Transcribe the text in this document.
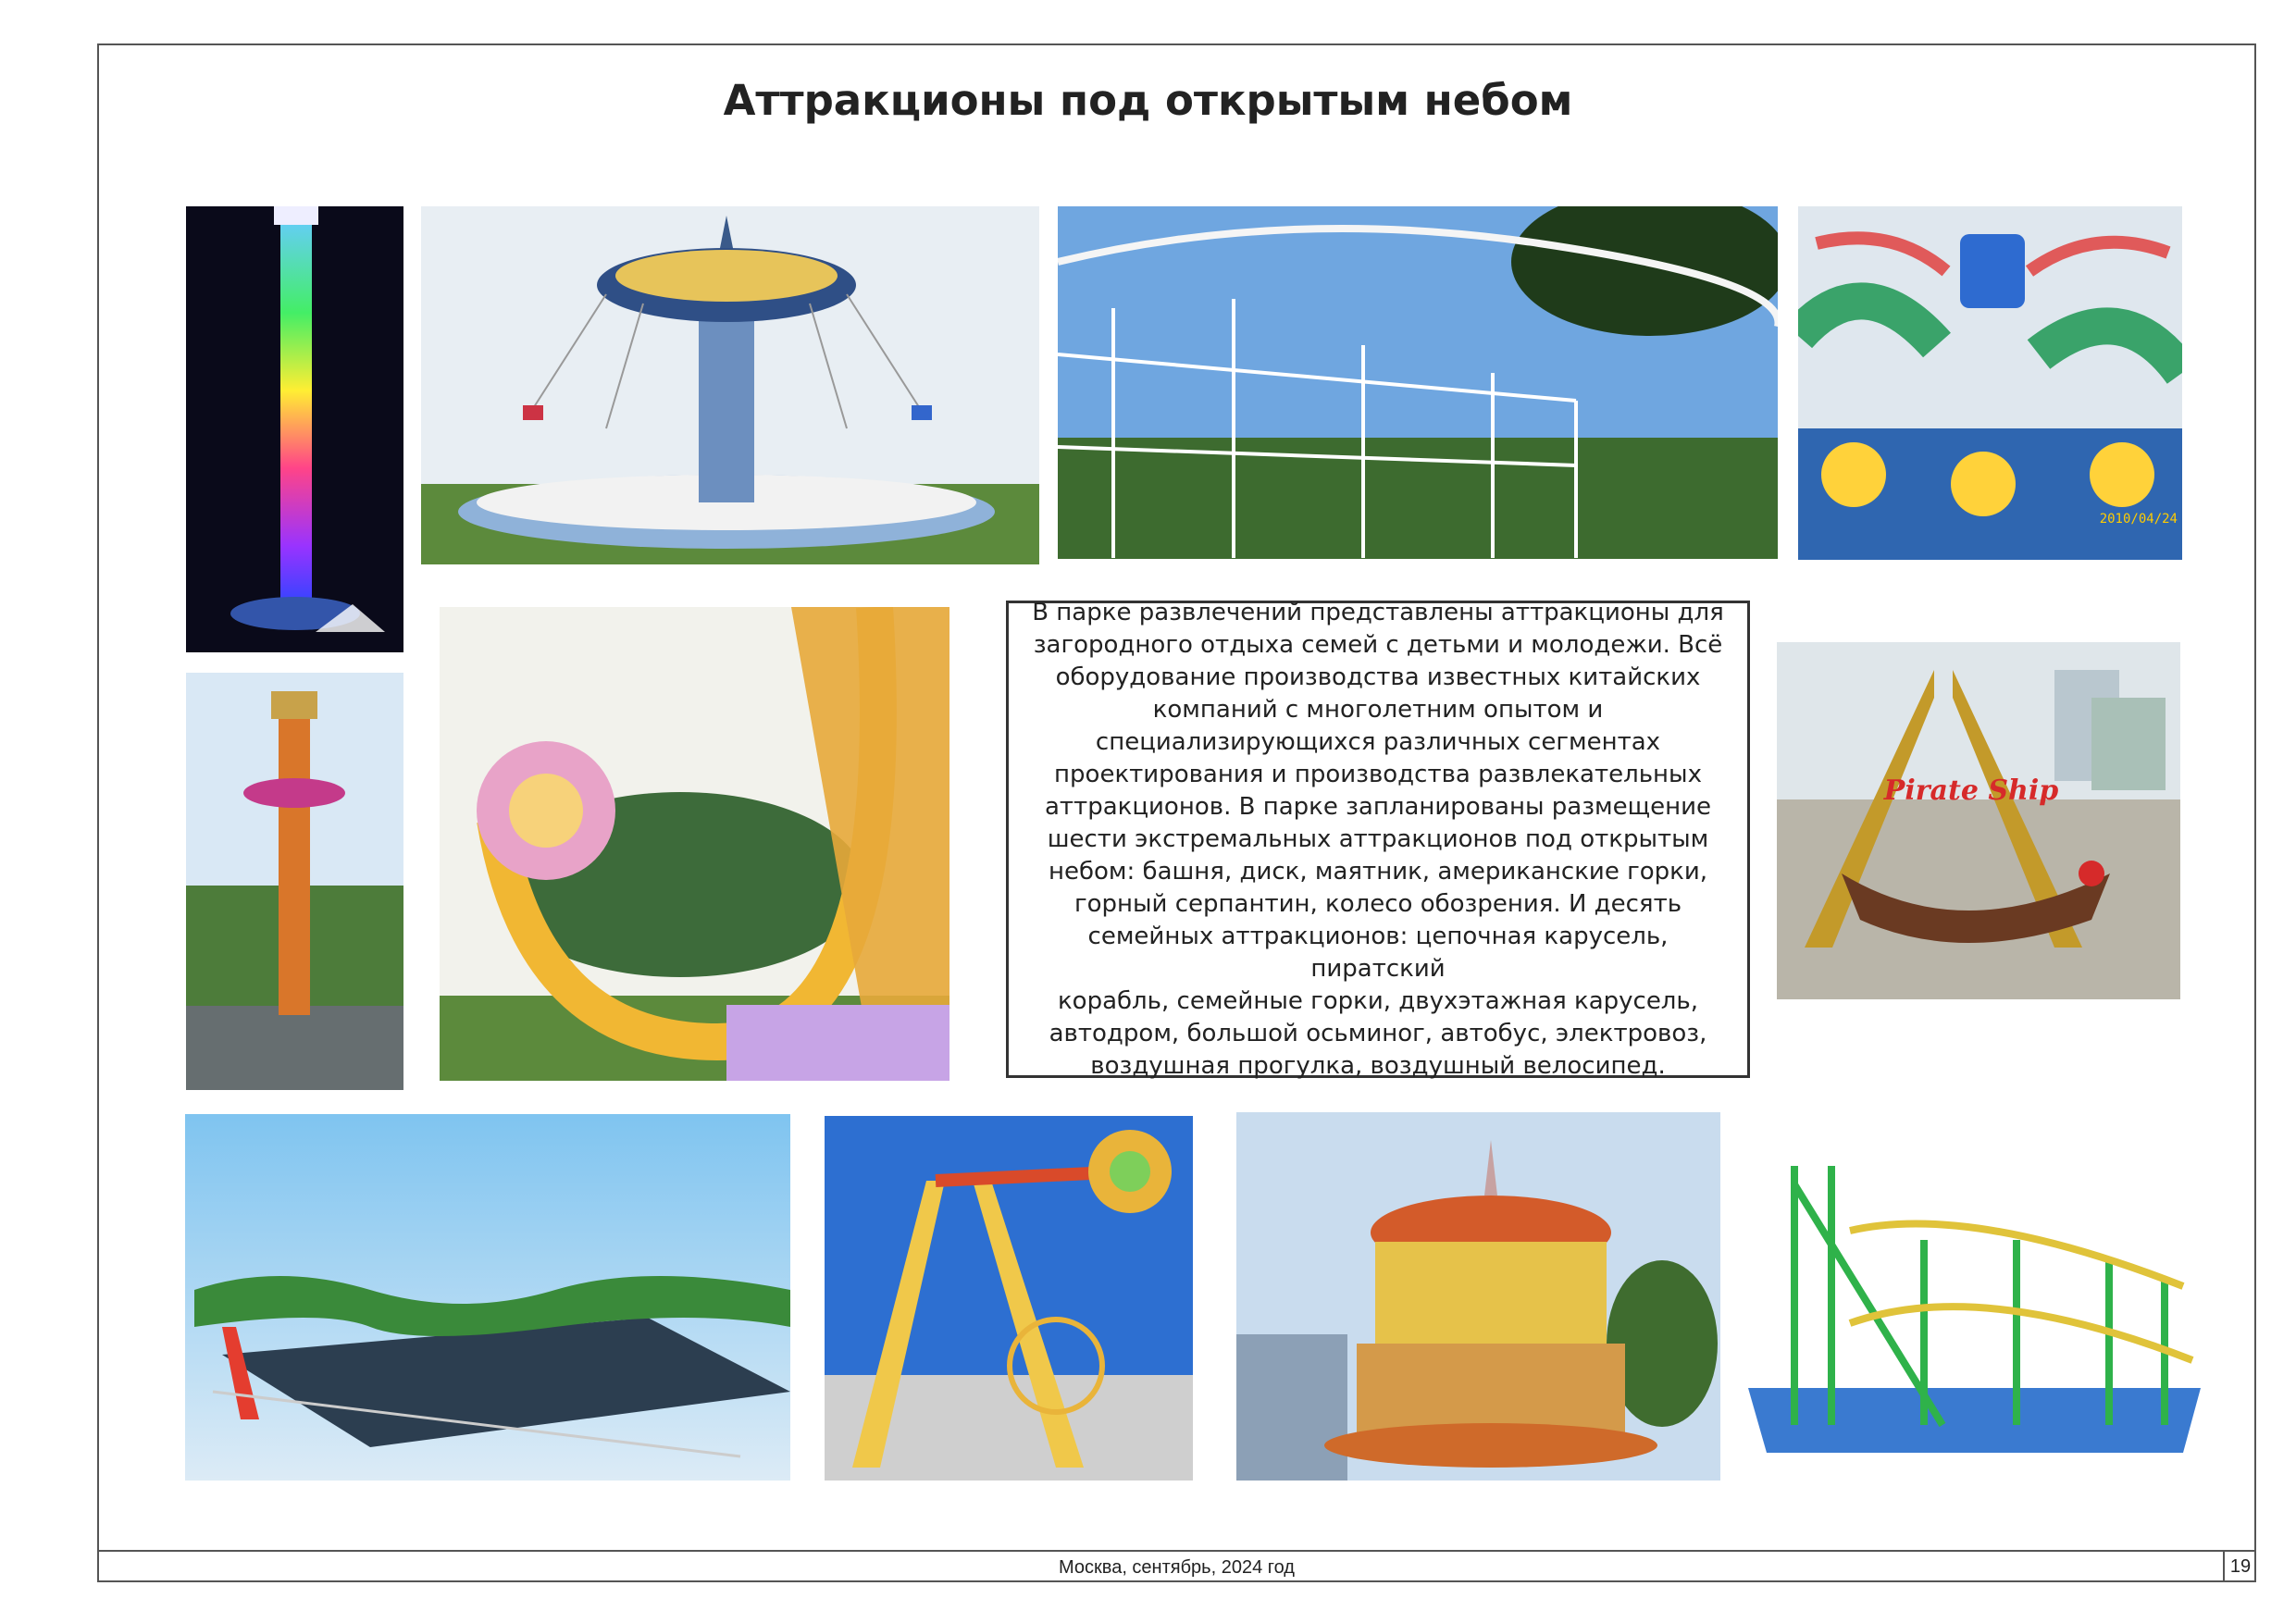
Аттракционы под открытым небом
2010/04/24

В парке развлечений представлены аттракционы для
загородного отдыха семей с детьми и молодежи. Всё
оборудование производства известных китайских
компаний с многолетним опытом и
специализирующихся различных сегментах
проектирования и производства развлекательных
аттракционов. В парке запланированы размещение
шести экстремальных аттракционов под открытым
небом: башня, диск, маятник, американские горки,
горный серпантин, колесо обозрения. И десять
семейных аттракционов: цепочная карусель, пиратский
корабль, семейные горки, двухэтажная карусель,
автодром, большой осьминог, автобус, электровоз,
воздушная прогулка, воздушный велосипед.

Pirate Ship
Москва, сентябрь, 2024 год	19
